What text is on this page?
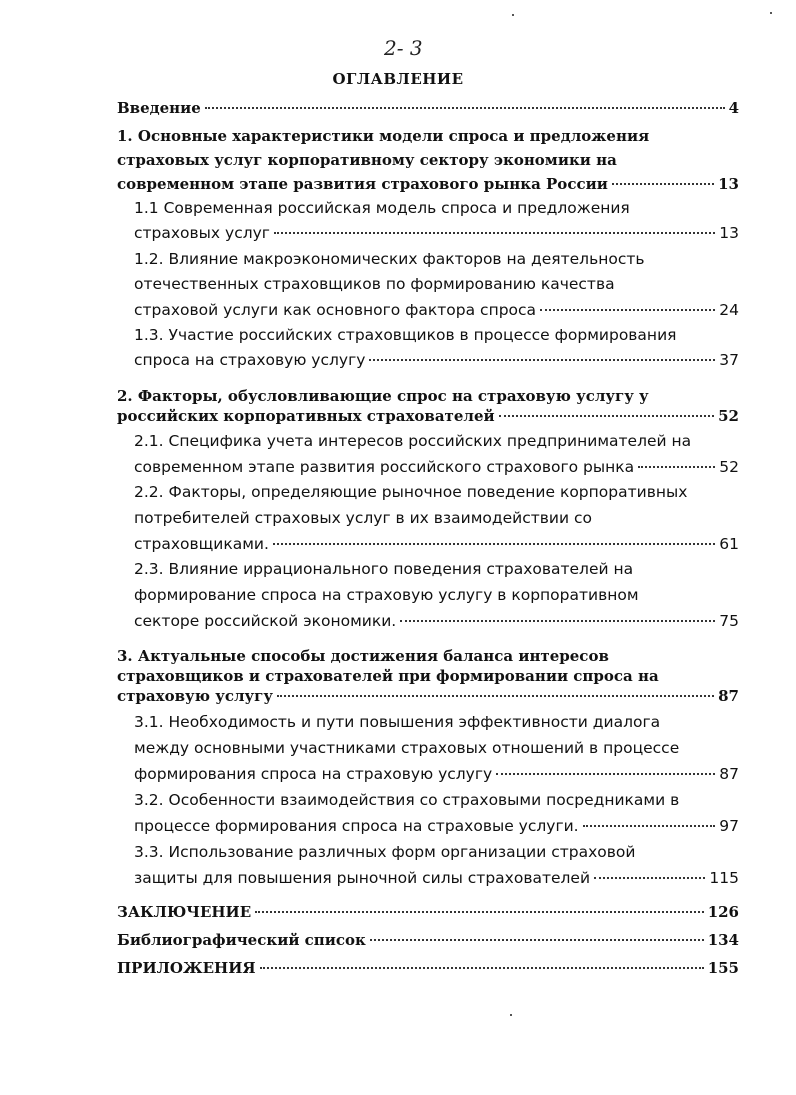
2- 3
ОГЛАВЛЕНИЕ
Введение	4
1. Основные характеристики модели спроса и предложения
страховых услуг корпоративному сектору экономики на
современном этапе развития страхового рынка России	13
1.1 Современная российская модель спроса и предложения
страховых услуг	13
1.2. Влияние макроэкономических факторов на деятельность
отечественных страховщиков по формированию качества
страховой услуги как основного фактора спроса	24
1.3. Участие российских страховщиков в процессе формирования
спроса на страховую услугу	37
2. Факторы, обусловливающие спрос на страховую услугу у
российских корпоративных страхователей	52
2.1. Специфика учета интересов российских предпринимателей на
современном этапе развития российского страхового рынка	52
2.2. Факторы, определяющие рыночное поведение корпоративных
потребителей страховых услуг в их взаимодействии со
страховщиками.	61
2.3. Влияние иррационального поведения страхователей на
формирование спроса на страховую услугу в корпоративном
секторе российской экономики.	75
3. Актуальные способы достижения баланса интересов
страховщиков и страхователей при формировании спроса на
страховую услугу	87
3.1. Необходимость и пути повышения эффективности диалога
между основными участниками страховых отношений в процессе
формирования спроса на страховую услугу	87
3.2. Особенности взаимодействия со страховыми посредниками в
процессе формирования спроса на страховые услуги.	97
3.3. Использование различных форм организации страховой
защиты для повышения рыночной силы страхователей	115
ЗАКЛЮЧЕНИЕ	126
Библиографический список	134
ПРИЛОЖЕНИЯ	155
